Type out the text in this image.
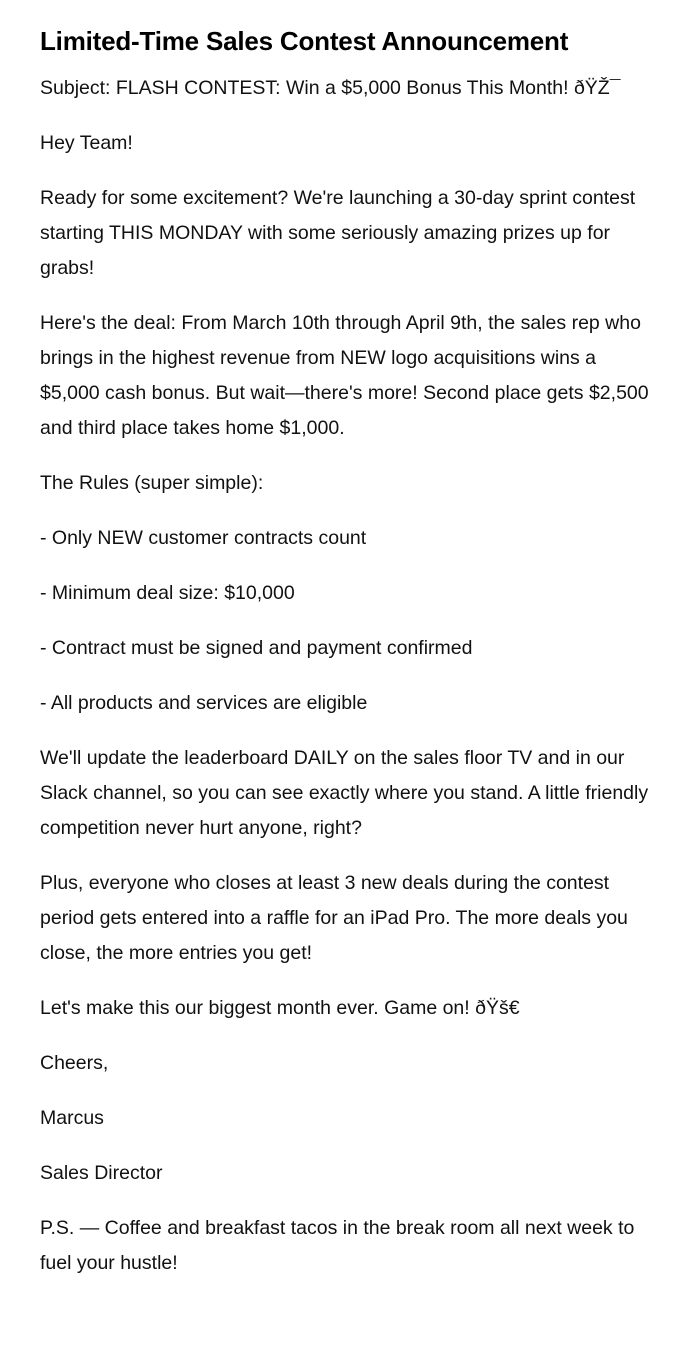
Limited-Time Sales Contest Announcement

Subject: FLASH CONTEST: Win a $5,000 Bonus This Month! ðŸŽ¯

Hey Team!

Ready for some excitement? We're launching a 30-day sprint contest starting THIS MONDAY with some seriously amazing prizes up for grabs!

Here's the deal: From March 10th through April 9th, the sales rep who brings in the highest revenue from NEW logo acquisitions wins a $5,000 cash bonus. But wait—there's more! Second place gets $2,500 and third place takes home $1,000.

The Rules (super simple):

- Only NEW customer contracts count

- Minimum deal size: $10,000

- Contract must be signed and payment confirmed

- All products and services are eligible

We'll update the leaderboard DAILY on the sales floor TV and in our Slack channel, so you can see exactly where you stand. A little friendly competition never hurt anyone, right?

Plus, everyone who closes at least 3 new deals during the contest period gets entered into a raffle for an iPad Pro. The more deals you close, the more entries you get!

Let's make this our biggest month ever. Game on! ðŸš€

Cheers,

Marcus

Sales Director

P.S. — Coffee and breakfast tacos in the break room all next week to fuel your hustle!
